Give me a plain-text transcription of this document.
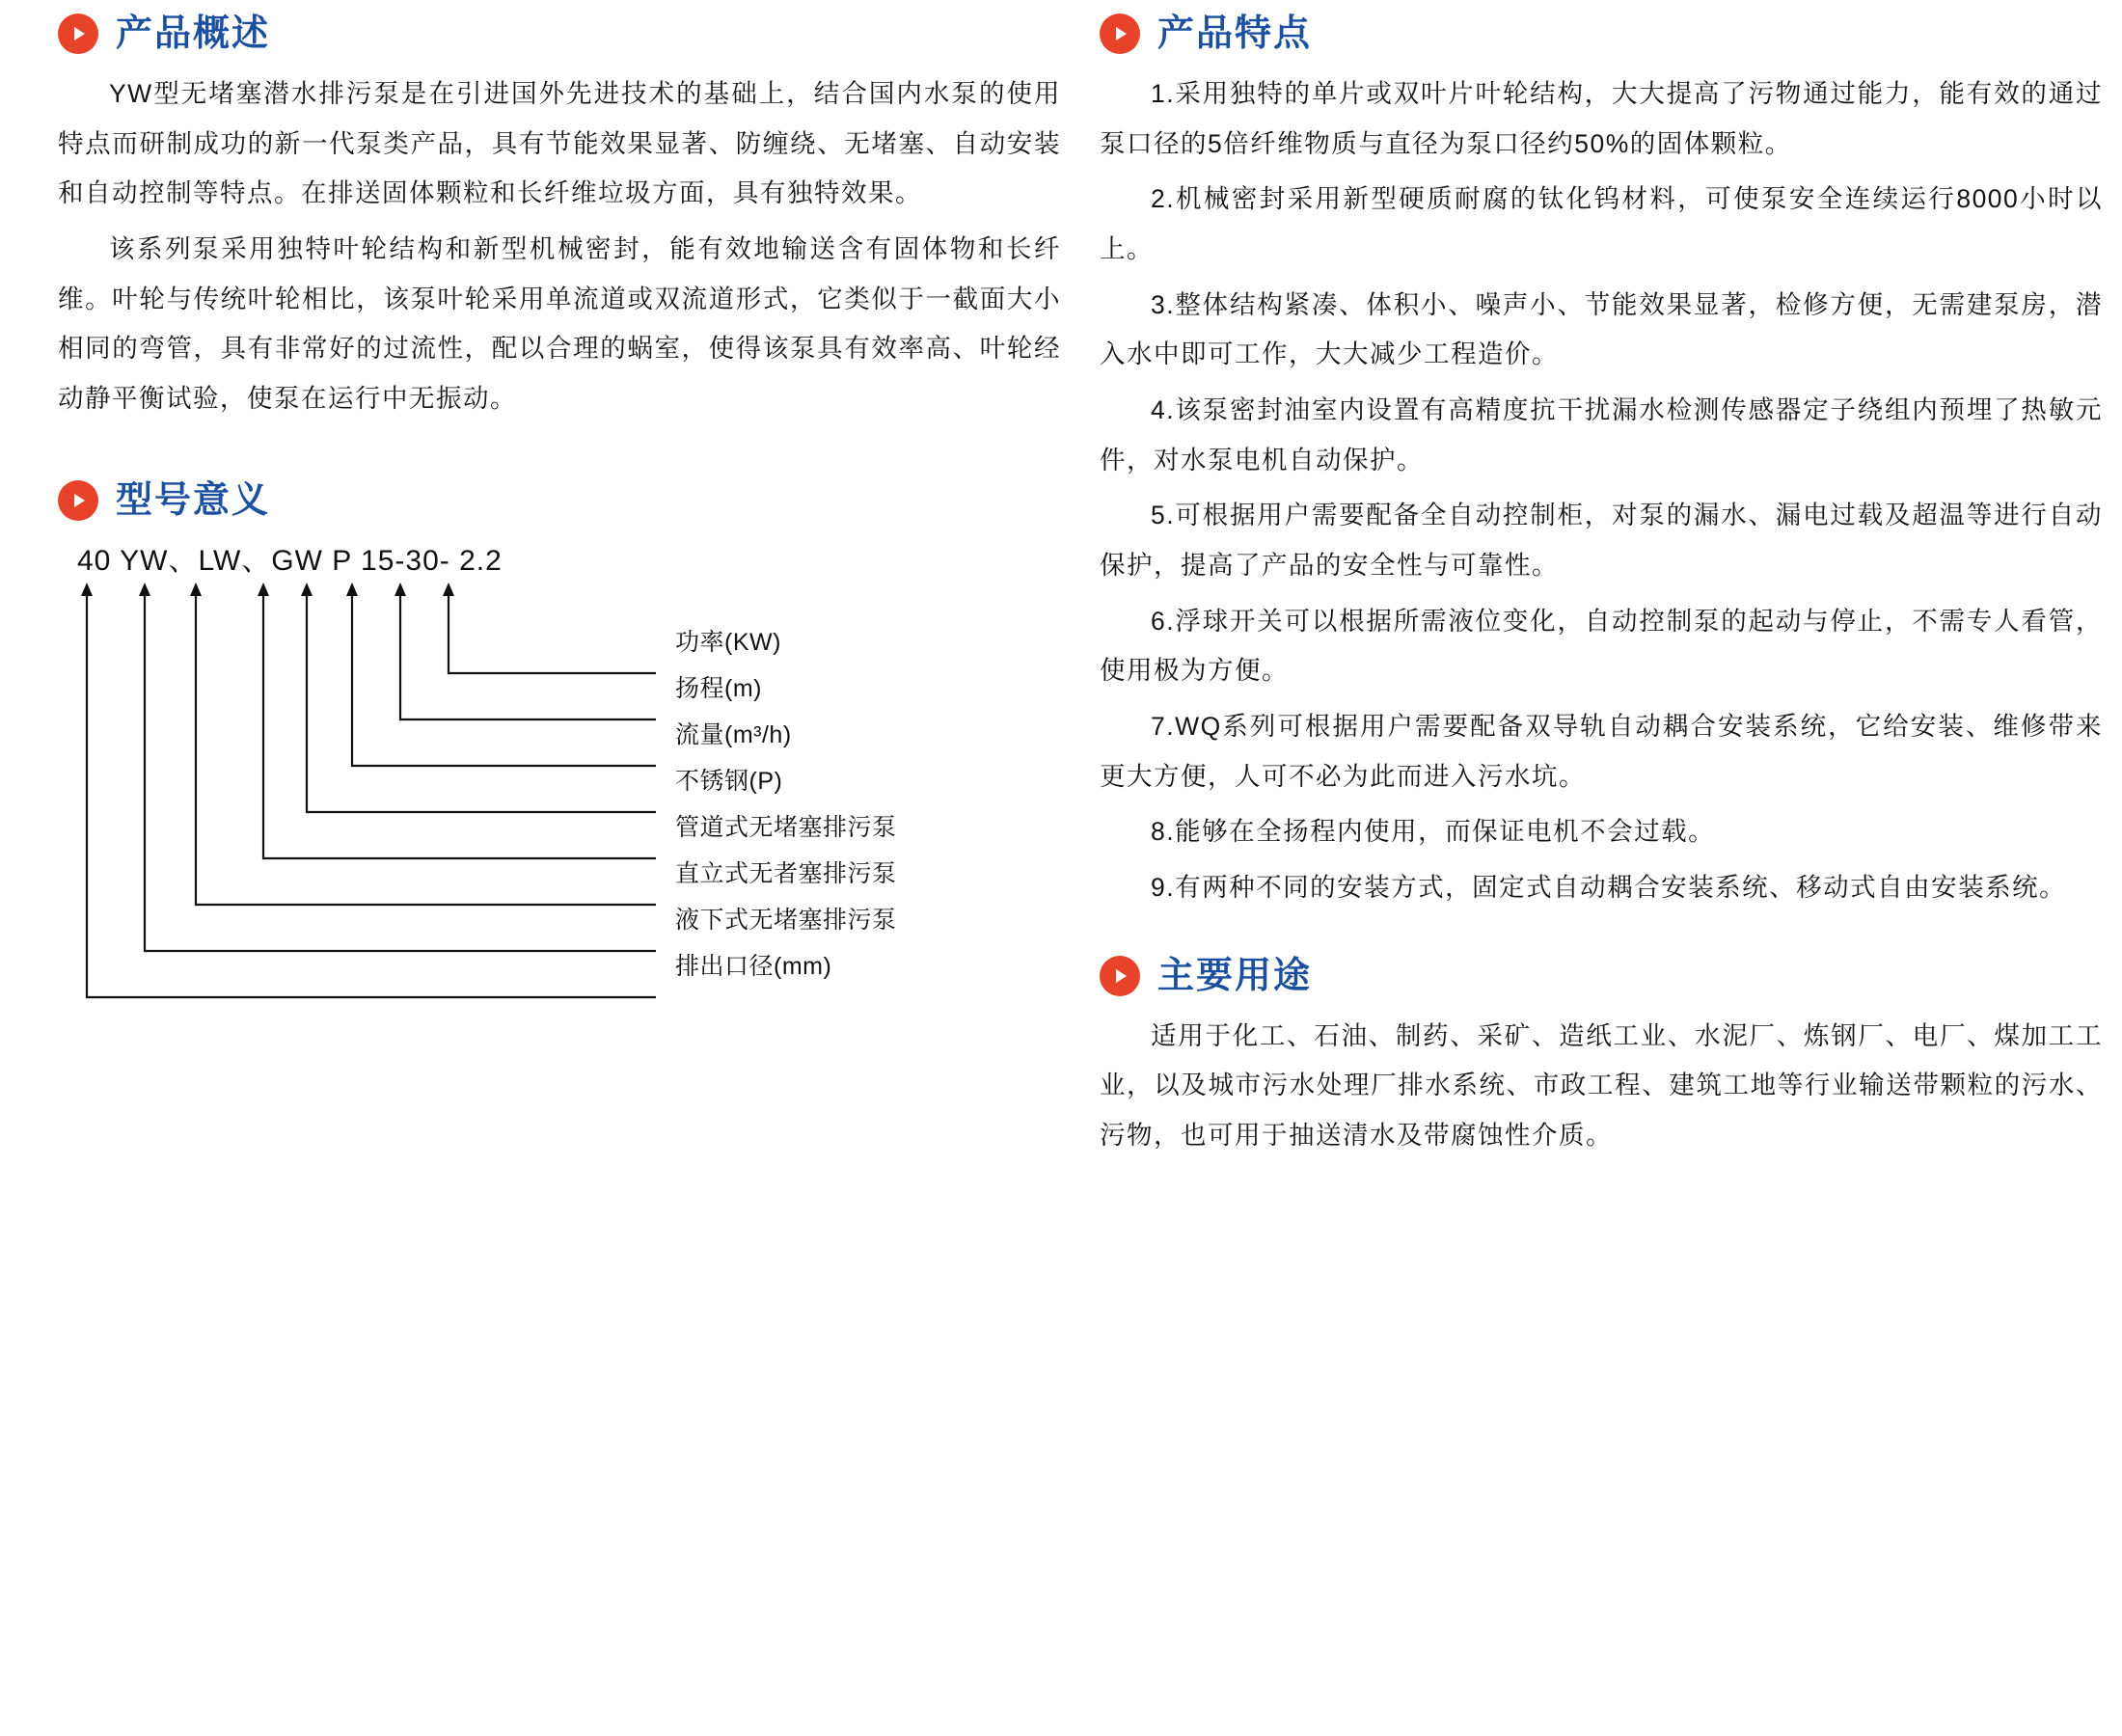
产品概述

YW型无堵塞潜水排污泵是在引进国外先进技术的基础上，结合国内水泵的使用特点而研制成功的新一代泵类产品，具有节能效果显著、防缠绕、无堵塞、自动安装和自动控制等特点。在排送固体颗粒和长纤维垃圾方面，具有独特效果。

该系列泵采用独特叶轮结构和新型机械密封，能有效地输送含有固体物和长纤维。叶轮与传统叶轮相比，该泵叶轮采用单流道或双流道形式，它类似于一截面大小相同的弯管，具有非常好的过流性，配以合理的蜗室，使得该泵具有效率高、叶轮经动静平衡试验，使泵在运行中无振动。

型号意义
40 YW、LW、GW P 15-30- 2.2
功率(KW)
扬程(m)
流量(m³/h)
不锈钢(P)
管道式无堵塞排污泵
直立式无者塞排污泵
液下式无堵塞排污泵
排出口径(mm)
产品特点

1.采用独特的单片或双叶片叶轮结构，大大提高了污物通过能力，能有效的通过泵口径的5倍纤维物质与直径为泵口径约50%的固体颗粒。

2.机械密封采用新型硬质耐腐的钛化钨材料，可使泵安全连续运行8000小时以上。

3.整体结构紧凑、体积小、噪声小、节能效果显著，检修方便，无需建泵房，潜入水中即可工作，大大减少工程造价。

4.该泵密封油室内设置有高精度抗干扰漏水检测传感器定子绕组内预埋了热敏元件，对水泵电机自动保护。

5.可根据用户需要配备全自动控制柜，对泵的漏水、漏电过载及超温等进行自动保护，提高了产品的安全性与可靠性。

6.浮球开关可以根据所需液位变化，自动控制泵的起动与停止，不需专人看管，使用极为方便。

7.WQ系列可根据用户需要配备双导轨自动耦合安装系统，它给安装、维修带来更大方便，人可不必为此而进入污水坑。

8.能够在全扬程内使用，而保证电机不会过载。

9.有两种不同的安装方式，固定式自动耦合安装系统、移动式自由安装系统。

主要用途

适用于化工、石油、制药、采矿、造纸工业、水泥厂、炼钢厂、电厂、煤加工工业，以及城市污水处理厂排水系统、市政工程、建筑工地等行业输送带颗粒的污水、污物，也可用于抽送清水及带腐蚀性介质。
